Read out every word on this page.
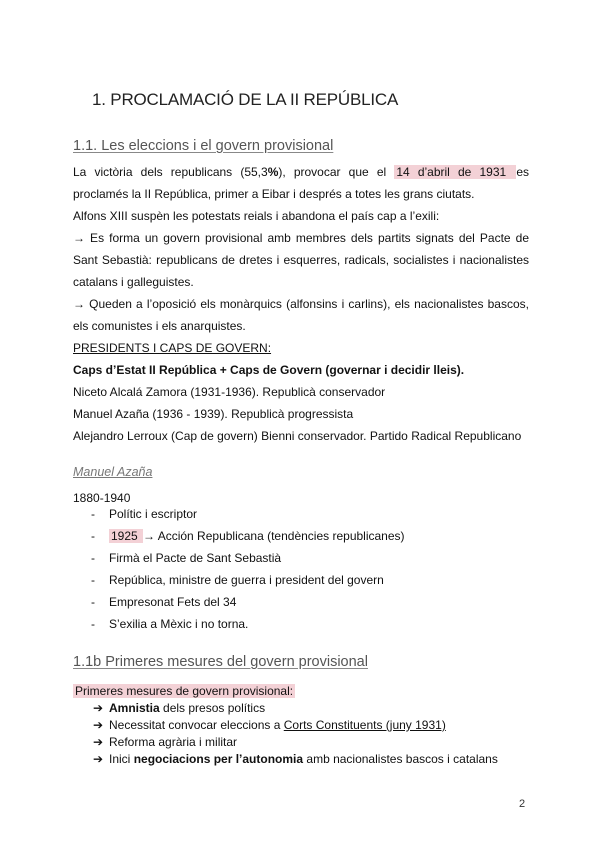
1. PROCLAMACIÓ DE LA II REPÚBLICA
1.1. Les eleccions i el govern provisional
La victòria dels republicans (55,3%), provocar que el 14 d’abril de 1931 es proclamés la II República, primer a Eibar i després a totes les grans ciutats.
Alfons XIII suspèn les potestats reials i abandona el país cap a l’exili:
→ Es forma un govern provisional amb membres dels partits signats del Pacte de Sant Sebastià: republicans de dretes i esquerres, radicals, socialistes i nacionalistes catalans i galleguistes.
→ Queden a l’oposició els monàrquics (alfonsins i carlins), els nacionalistes bascos, els comunistes i els anarquistes.
PRESIDENTS I CAPS DE GOVERN:
Caps d’Estat II República + Caps de Govern (governar i decidir lleis).
Niceto Alcalá Zamora (1931-1936). Republicà conservador
Manuel Azaña (1936 - 1939). Republicà progressista
Alejandro Lerroux (Cap de govern) Bienni conservador. Partido Radical Republicano
Manuel Azaña
1880-1940
- Polític i escriptor
- 1925 → Acción Republicana (tendències republicanes)
- Firmà el Pacte de Sant Sebastià
- República, ministre de guerra i president del govern
- Empresonat Fets del 34
- S’exilia a Mèxic i no torna.
1.1b Primeres mesures del govern provisional
Primeres mesures de govern provisional:
➔ Amnistia dels presos polítics
➔ Necessitat convocar eleccions a Corts Constituents (juny 1931)
➔ Reforma agrària i militar
➔ Inici negociacions per l’autonomia amb nacionalistes bascos i catalans
2
